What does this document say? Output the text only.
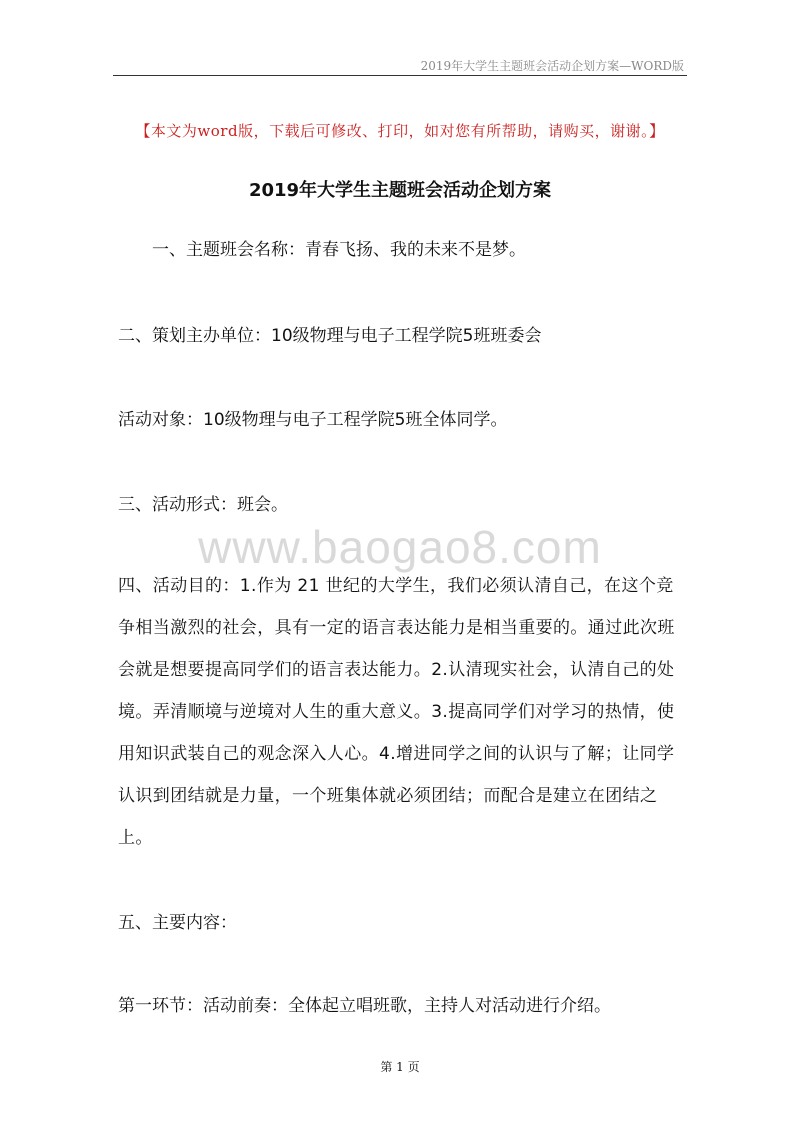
2019年大学生主题班会活动企划方案—WORD版
【本文为word版，下载后可修改、打印，如对您有所帮助，请购买，谢谢。】
2019年大学生主题班会活动企划方案
　　一、主题班会名称：青春飞扬、我的未来不是梦。
二、策划主办单位：10级物理与电子工程学院5班班委会
活动对象：10级物理与电子工程学院5班全体同学。
三、活动形式：班会。
www.baogao8.com
四、活动目的：1.作为 21 世纪的大学生，我们必须认清自己，在这个竞争相当激烈的社会，具有一定的语言表达能力是相当重要的。通过此次班会就是想要提高同学们的语言表达能力。2.认清现实社会，认清自己的处境。弄清顺境与逆境对人生的重大意义。3.提高同学们对学习的热情，使用知识武装自己的观念深入人心。4.增进同学之间的认识与了解；让同学认识到团结就是力量，一个班集体就必须团结；而配合是建立在团结之上。
五、主要内容：
第一环节：活动前奏：全体起立唱班歌，主持人对活动进行介绍。
第 1 页
